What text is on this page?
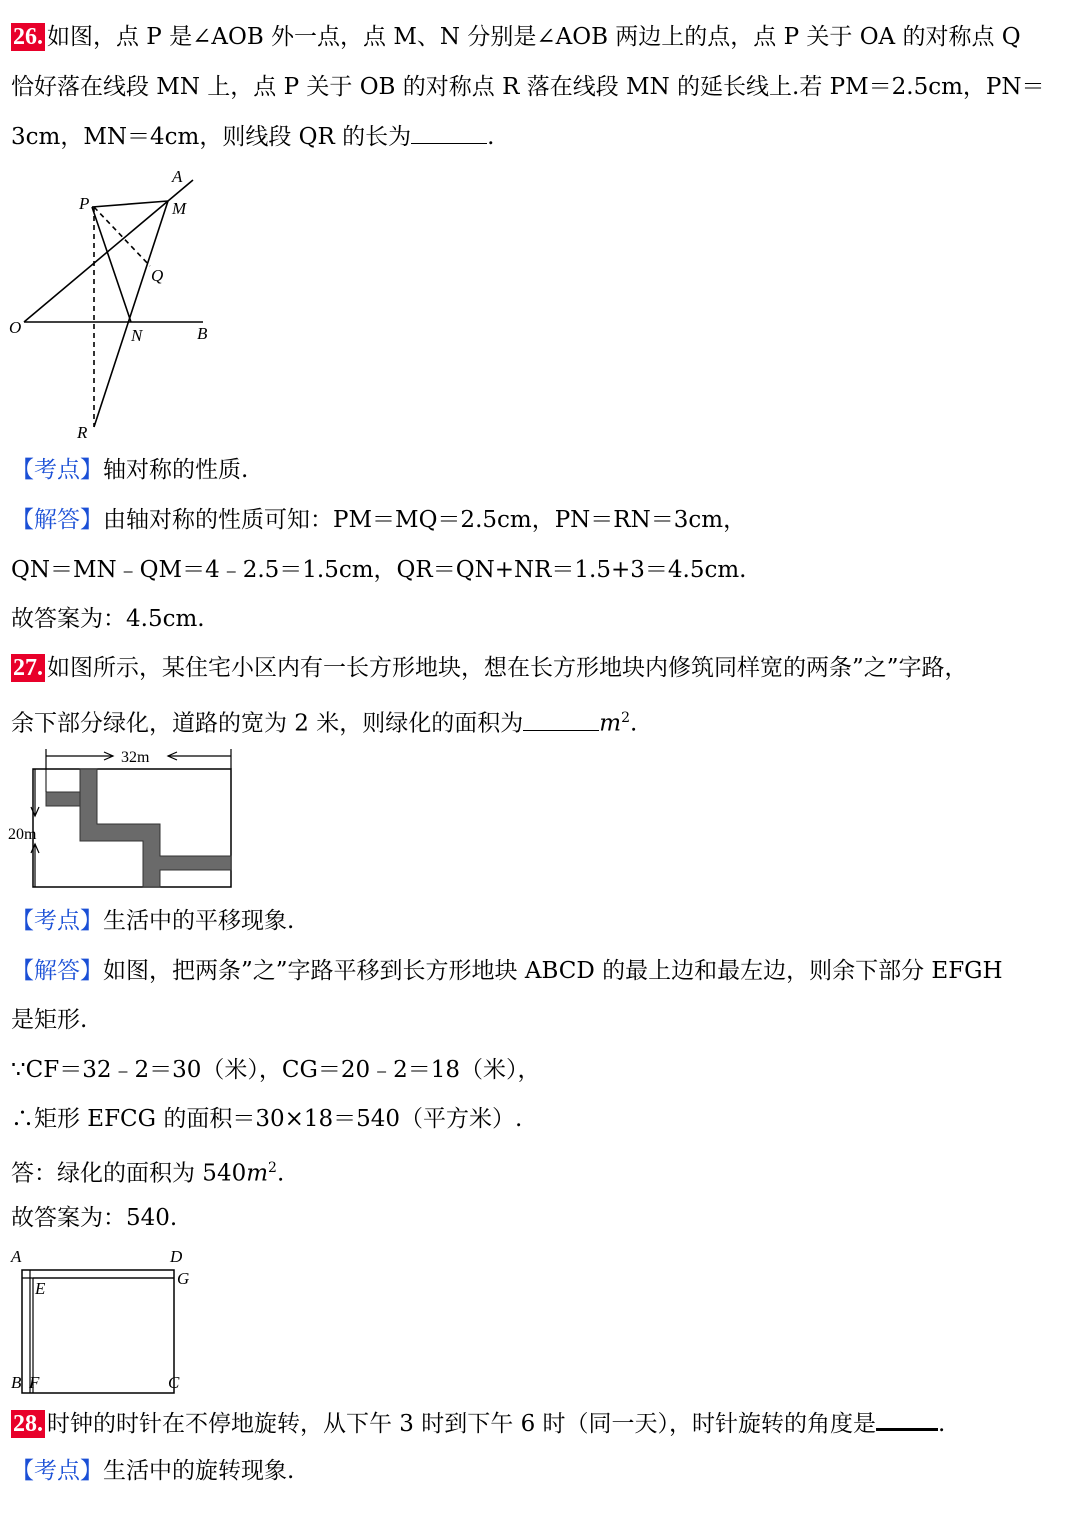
26. 如图，点 P 是∠AOB 外一点，点 M、N 分别是∠AOB 两边上的点，点 P 关于 OA 的对称点 Q
恰好落在线段 MN 上，点 P 关于 OB 的对称点 R 落在线段 MN 的延长线上.若 PM＝2.5cm，PN＝
3cm，MN＝4cm，则线段 QR 的长为	.
A
P	M
Q
O	N	B
R
【考点】轴对称的性质.
【解答】由轴对称的性质可知：PM＝MQ＝2.5cm，PN＝RN＝3cm，
QN＝MN﹣QM＝4﹣2.5＝1.5cm，QR＝QN+NR＝1.5+3＝4.5cm.
故答案为：4.5cm.
27. 如图所示，某住宅小区内有一长方形地块，想在长方形地块内修筑同样宽的两条”之”字路，
余下部分绿化，道路的宽为 2 米，则绿化的面积为	$m^2$.
32m
20m
【考点】生活中的平移现象.
【解答】如图，把两条”之”字路平移到长方形地块 ABCD 的最上边和最左边，则余下部分 EFGH
是矩形.
∵CF＝32﹣2＝30（米），CG＝20﹣2＝18（米），
∴矩形 EFCG 的面积＝30×18＝540（平方米）.
答：绿化的面积为 $540m^2$.
故答案为：540.
A	D
G
E
B F	C
28. 时钟的时针在不停地旋转，从下午 3 时到下午 6 时（同一天），时针旋转的角度是	.
【考点】生活中的旋转现象.
